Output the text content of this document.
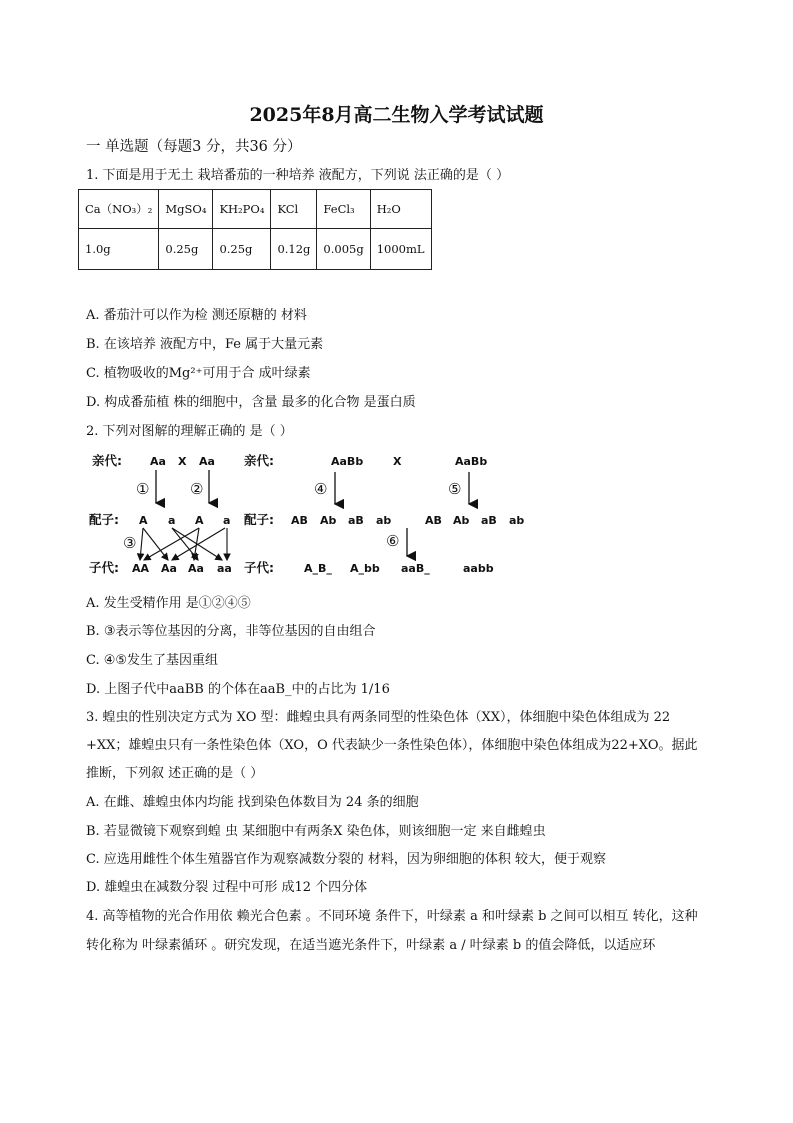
2025年8月高二生物入学考试试题
一 单选题（每题3 分，共36 分）
1. 下面是用于无土 栽培番茄的一种培养 液配方，下列说 法正确的是（ ）
Ca（NO₃）₂	MgSO₄	KH₂PO₄	KCl	FeCl₃	H₂O
1.0g	0.25g	0.25g	0.12g	0.005g	1000mL
A. 番茄汁可以作为检 测还原糖的 材料
B. 在该培养 液配方中，Fe 属于大量元素
C. 植物吸收的Mg²⁺可用于合 成叶绿素
D. 构成番茄植 株的细胞中，含量 最多的化合物 是蛋白质
2. 下列对图解的理解正确的 是（ ）
亲代:
配子:
子代:
亲代:
配子:
子代:
Aa X Aa
①	②
A a A a
③
AA Aa Aa aa
AaBb	X	AaBb
④	⑤
AB Ab aB ab	AB Ab aB ab
⑥
A_B_ A_bb aaB_	aabb
A. 发生受精作用 是①②④⑤
B. ③表示等位基因的分离，非等位基因的自由组合
C. ④⑤发生了基因重组
D. 上图子代中aaBB 的个体在aaB_中的占比为 1/16
3. 蝗虫的性别决定方式为 XO 型：雌蝗虫具有两条同型的性染色体（XX），体细胞中染色体组成为 22
+XX；雄蝗虫只有一条性染色体（XO，O 代表缺少一条性染色体），体细胞中染色体组成为22+XO。据此
推断，下列叙 述正确的是（ ）
A. 在雌、雄蝗虫体内均能 找到染色体数目为 24 条的细胞
B. 若显微镜下观察到蝗 虫 某细胞中有两条X 染色体，则该细胞一定 来自雌蝗虫
C. 应选用雌性个体生殖器官作为观察减数分裂的 材料，因为卵细胞的体积 较大，便于观察
D. 雄蝗虫在减数分裂 过程中可形 成12 个四分体
4. 高等植物的光合作用依 赖光合色素 。不同环境 条件下，叶绿素 a 和叶绿素 b 之间可以相互 转化，这种
转化称为 叶绿素循环 。研究发现，在适当遮光条件下，叶绿素 a / 叶绿素 b 的值会降低，以适应环
